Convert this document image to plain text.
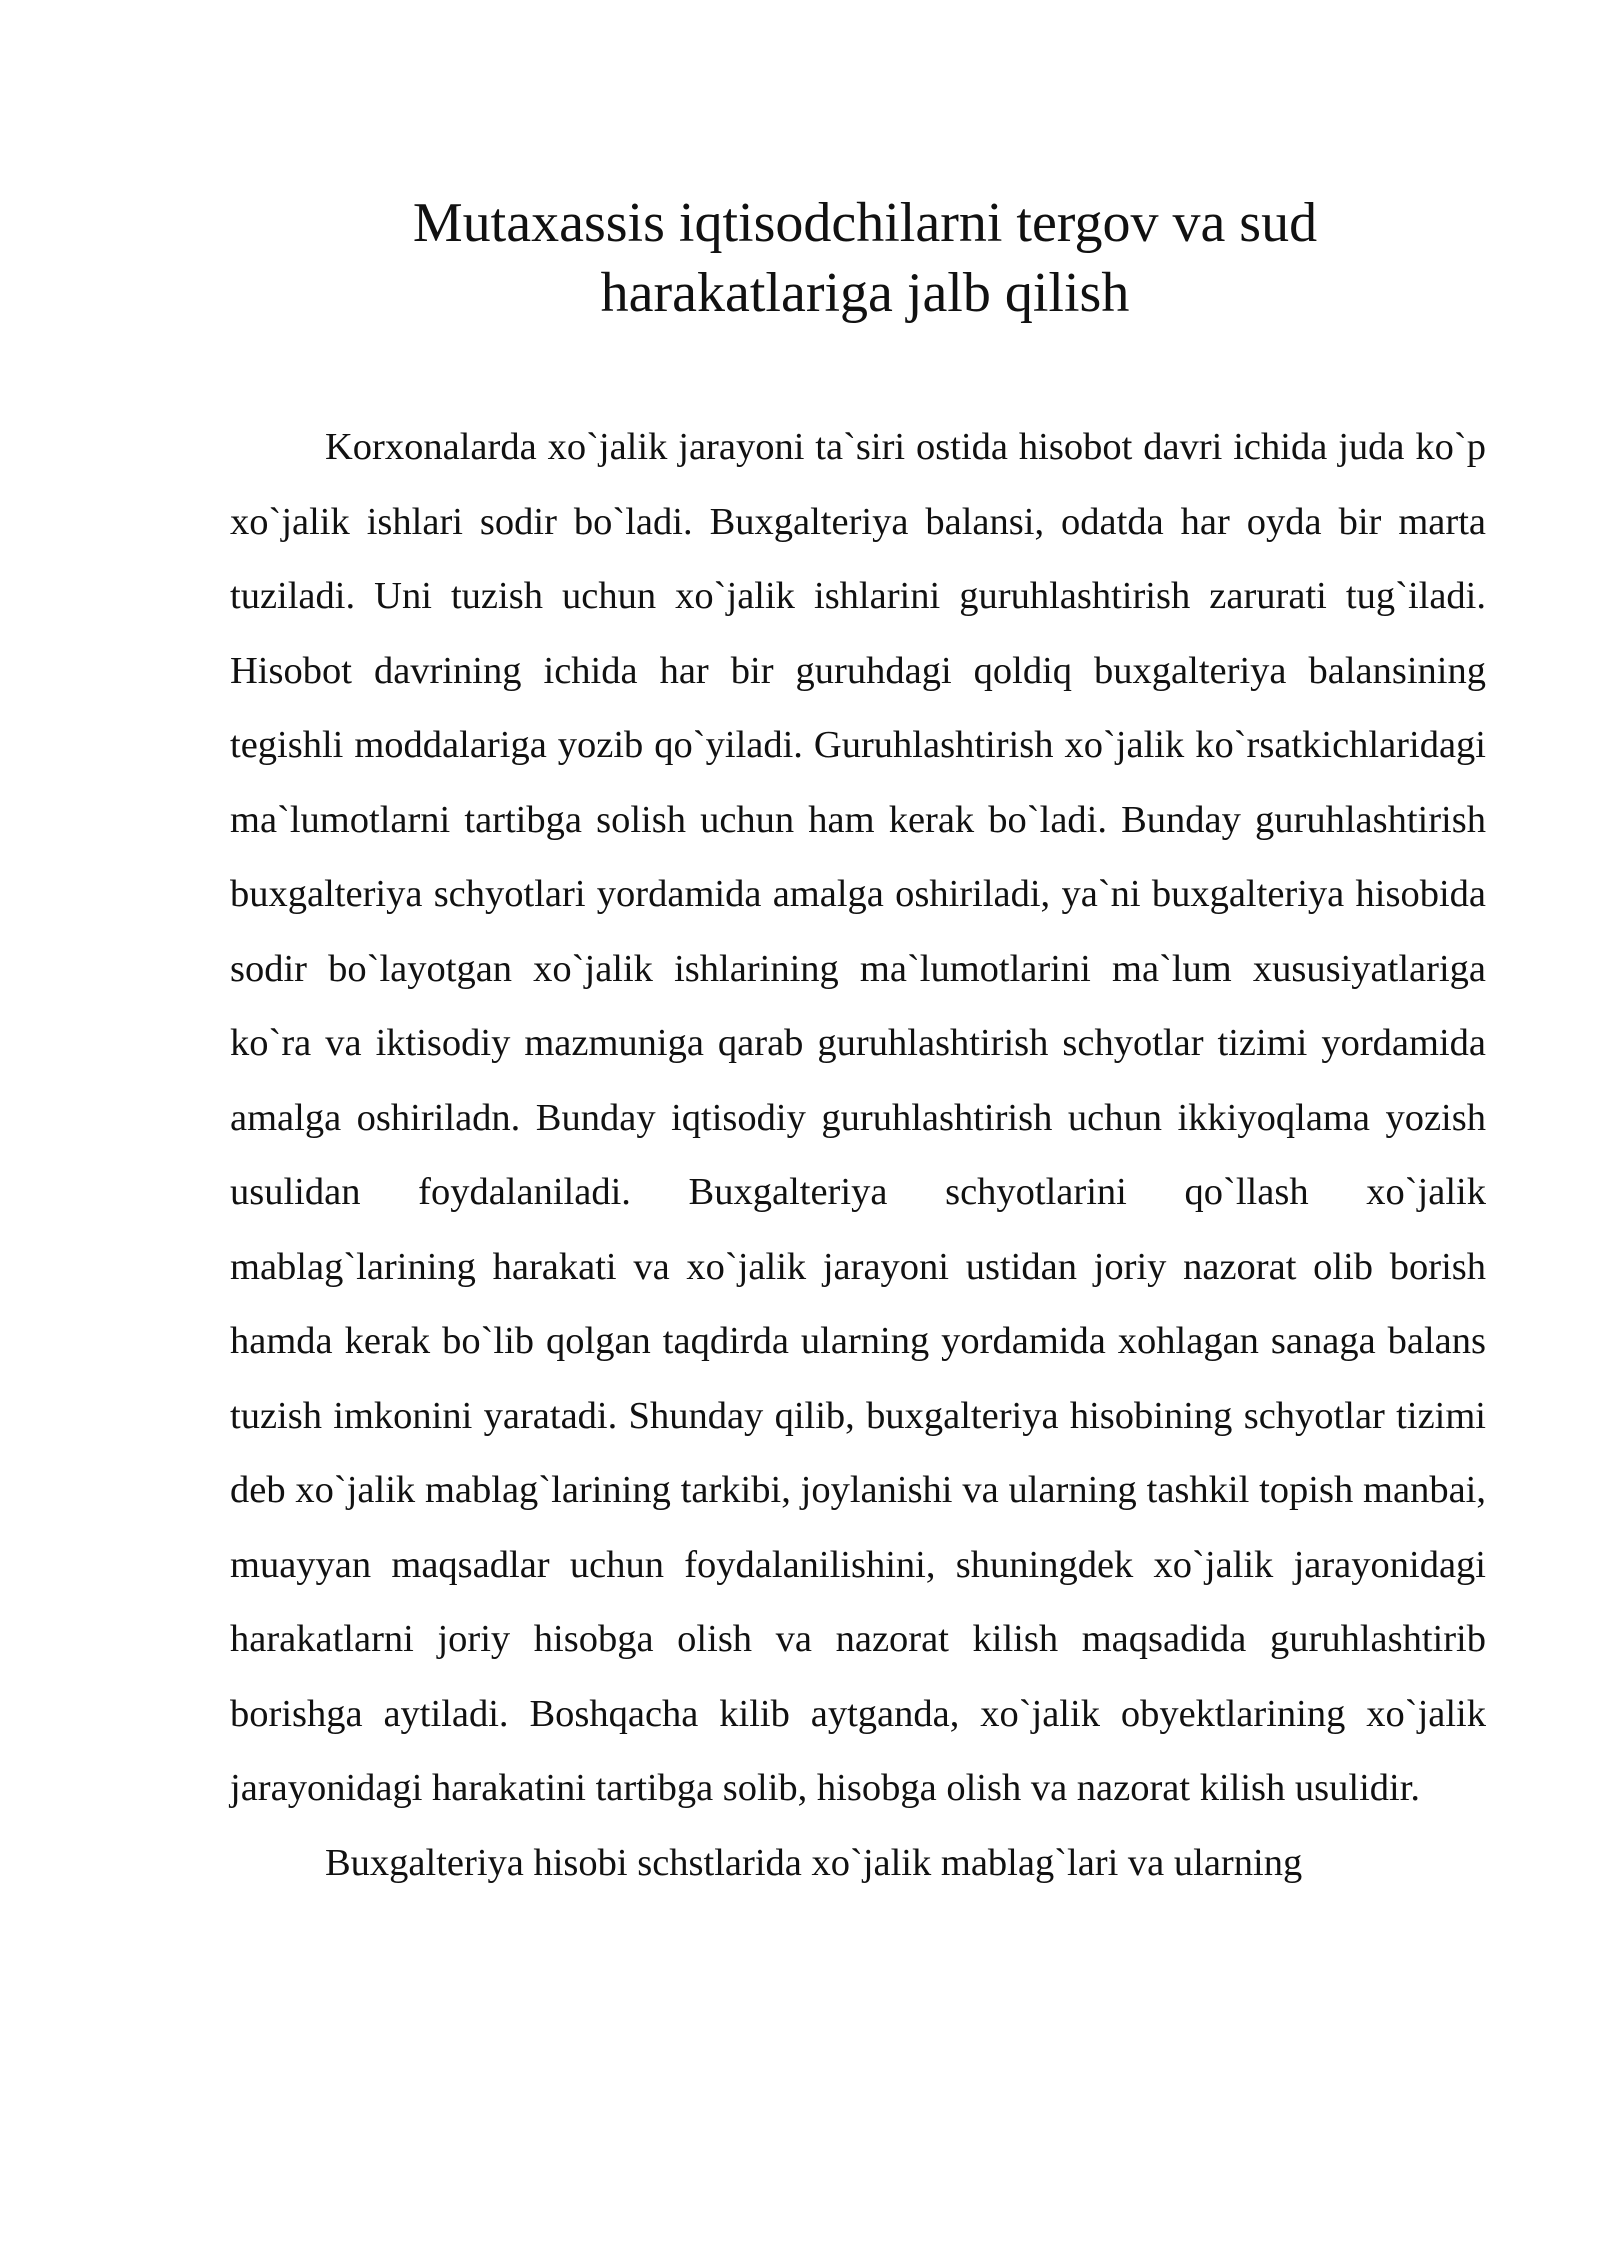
Mutaxassis iqtisodchilarni tergov va sud
harakatlariga jalb qilish

Korxonalarda xo`jalik jarayoni ta`siri ostida hisobot davri ichida juda ko`p xo`jalik ishlari sodir bo`ladi. Buxgalteriya balansi, odatda har oyda bir marta tuziladi. Uni tuzish uchun xo`jalik ishlarini guruhlashtirish zarurati tug`iladi. Hisobot davrining ichida har bir guruhdagi qoldiq buxgalteriya balansining tegishli moddalariga yozib qo`yiladi. Guruhlashtirish xo`jalik ko`rsatkichlaridagi ma`lumotlarni tartibga solish uchun ham kerak bo`ladi. Bunday guruhlashtirish buxgalteriya schyotlari yordamida amalga oshiriladi, ya`ni buxgalteriya hisobida sodir bo`layotgan xo`jalik ishlarining ma`lumotlarini ma`lum xususiyatlariga ko`ra va iktisodiy mazmuniga qarab guruhlashtirish schyotlar tizimi yordamida amalga oshiriladn. Bunday iqtisodiy guruhlashtirish uchun ikkiyoqlama yozish usulidan foydalaniladi. Buxgalteriya schyotlarini qo`llash xo`jalik mablag`larining harakati va xo`jalik jarayoni ustidan joriy nazorat olib borish hamda kerak bo`lib qolgan taqdirda ularning yordamida xohlagan sanaga balans tuzish imkonini yaratadi. Shunday qilib, buxgalteriya hisobining schyotlar tizimi deb xo`jalik mablag`larining tarkibi, joylanishi va ularning tashkil topish manbai, muayyan maqsadlar uchun foydalanilishini, shuningdek xo`jalik jarayonidagi harakatlarni joriy hisobga olish va nazorat kilish maqsadida guruhlashtirib borishga aytiladi. Boshqacha kilib aytganda, xo`jalik obyektlarining xo`jalik jarayonidagi harakatini tartibga solib, hisobga olish va nazorat kilish usulidir.

Buxgalteriya hisobi schstlarida xo`jalik mablag`lari va ularning
